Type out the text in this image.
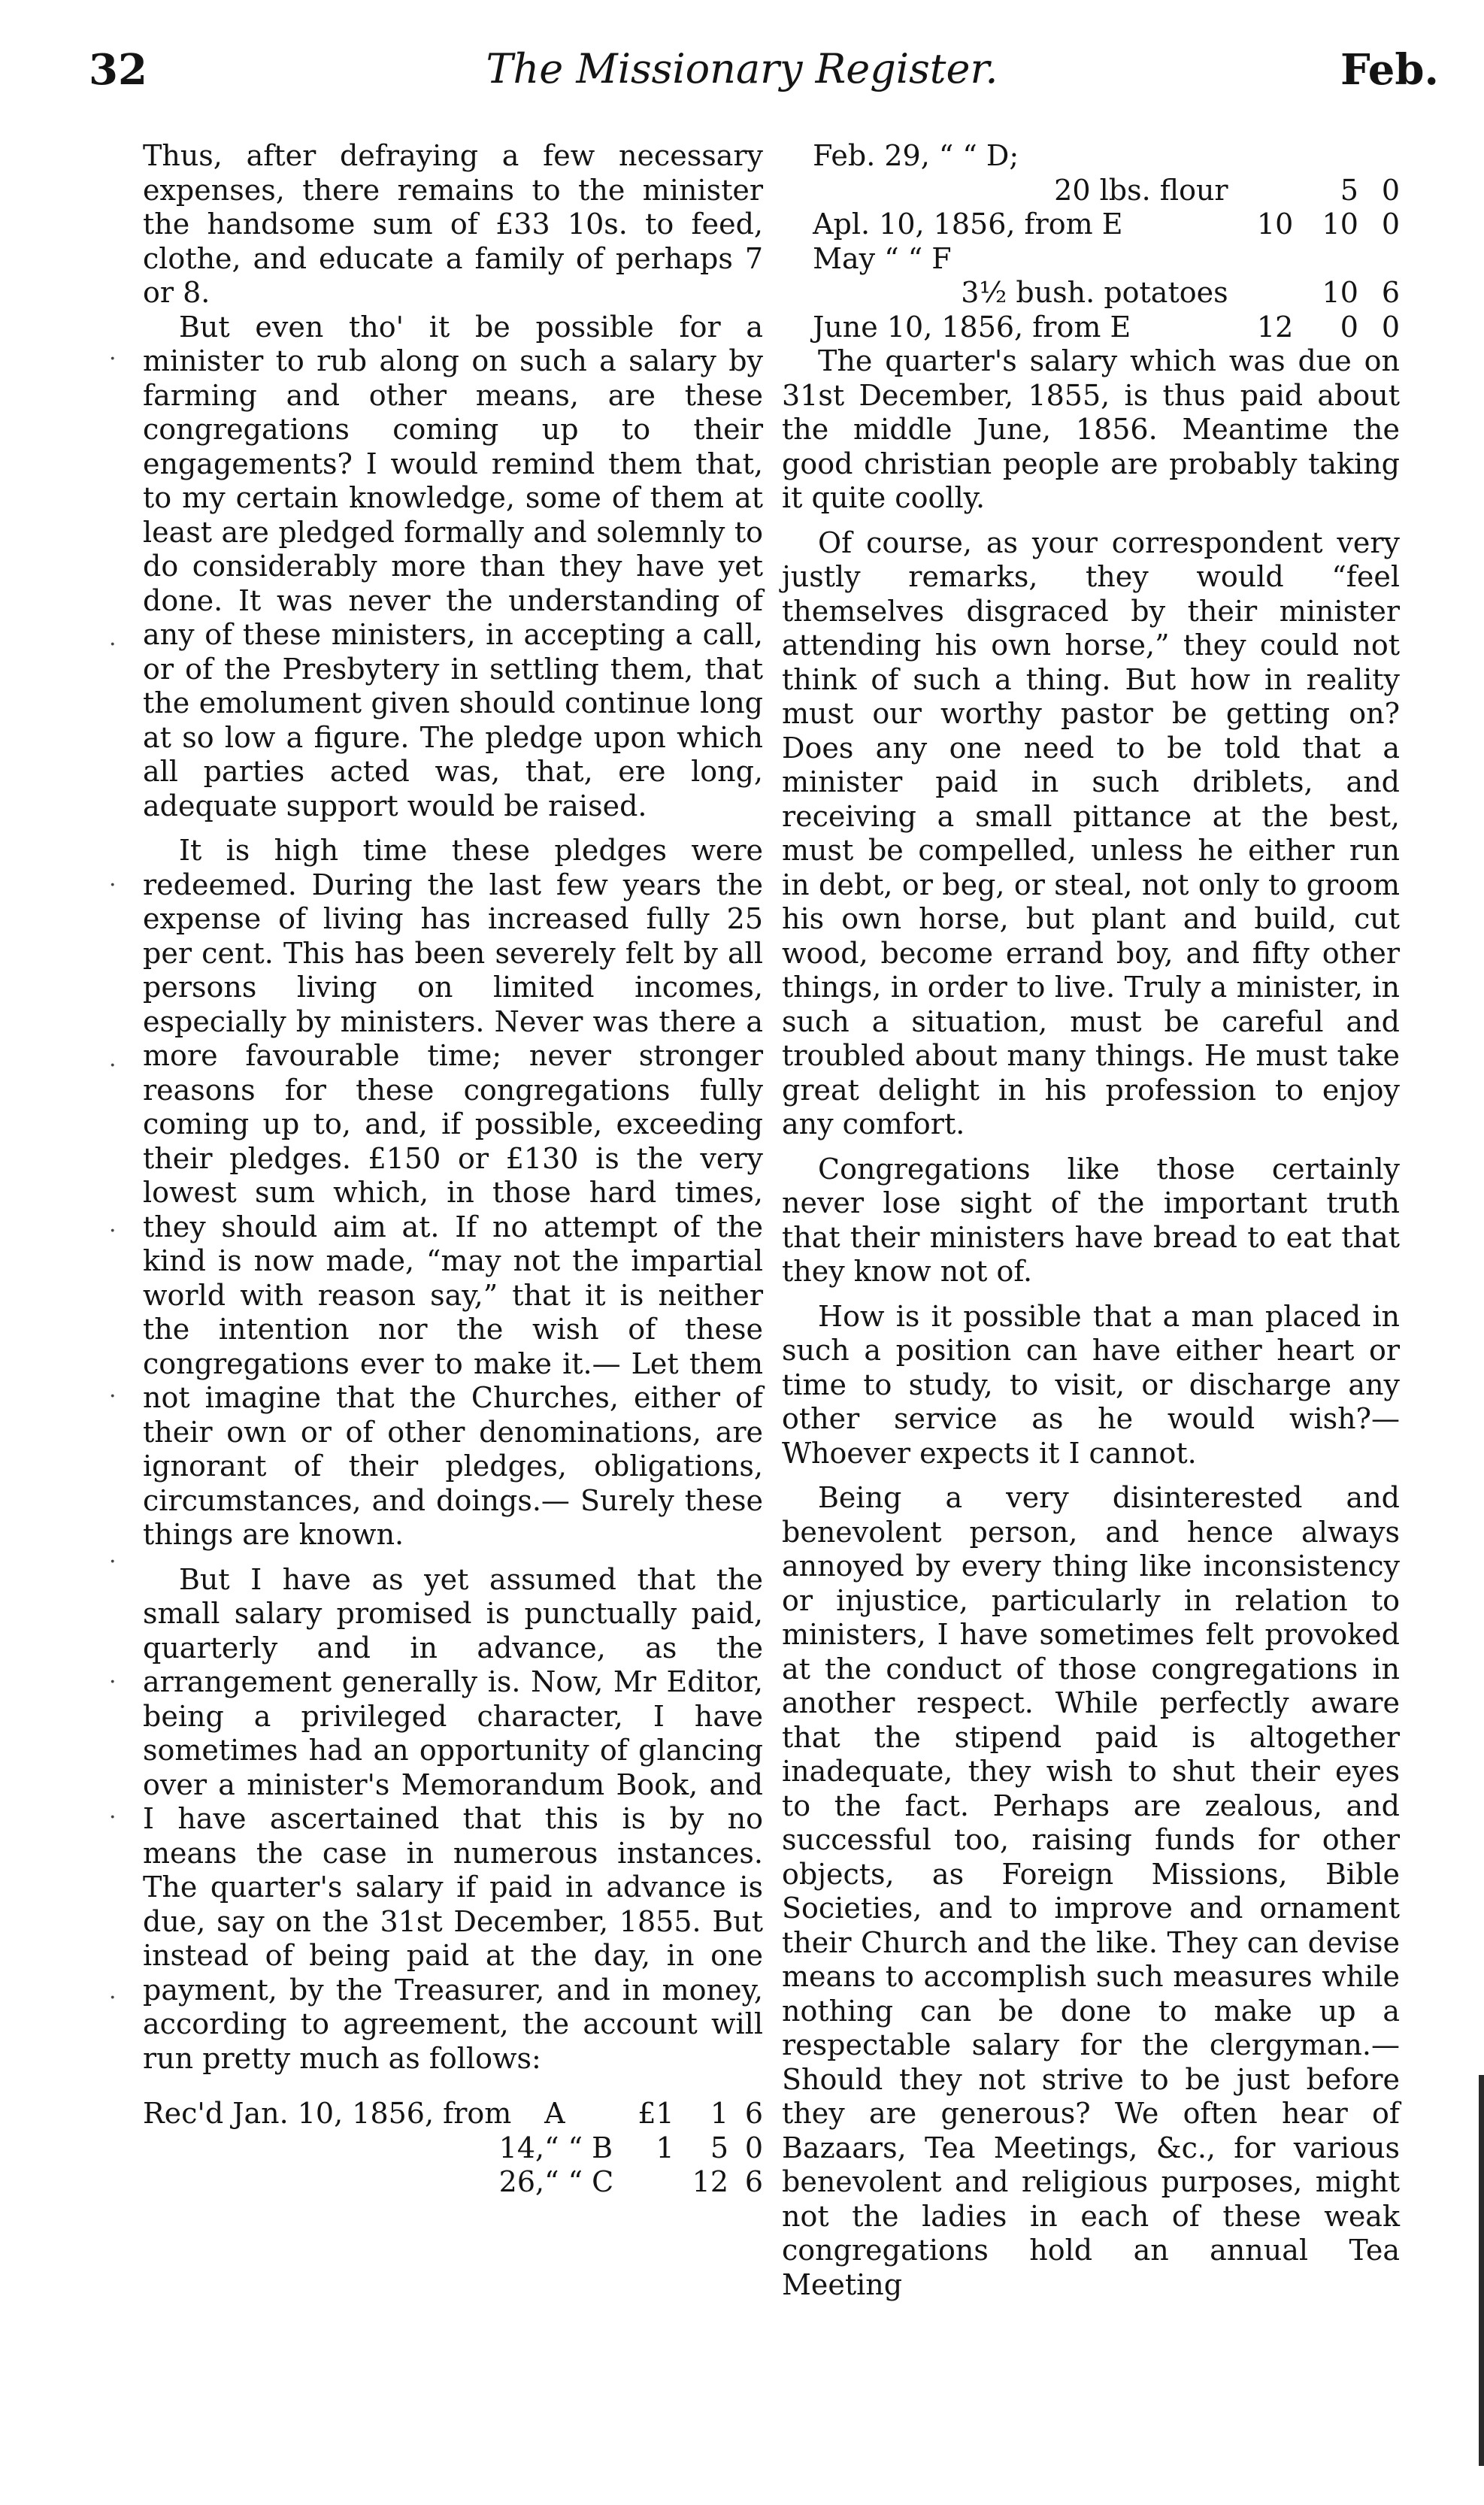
The Missionary Register.
32	Feb.
·
·
·
·
·
·
·
·
·
·

Thus, after defraying a few necessary expenses, there remains to the minister the handsome sum of £33 10s. to feed, clothe, and educate a family of perhaps 7 or 8.

But even tho' it be possible for a minister to rub along on such a salary by farming and other means, are these congregations coming up to their engagements? I would remind them that, to my certain knowledge, some of them at least are pledged formally and solemnly to do considerably more than they have yet done. It was never the understanding of any of these ministers, in accepting a call, or of the Presbytery in settling them, that the emolument given should continue long at so low a figure. The pledge upon which all parties acted was, that, ere long, adequate support would be raised.

It is high time these pledges were redeemed. During the last few years the expense of living has increased fully 25 per cent. This has been severely felt by all persons living on limited incomes, especially by ministers. Never was there a more favourable time; never stronger reasons for these congregations fully coming up to, and, if possible, exceeding their pledges. £150 or £130 is the very lowest sum which, in those hard times, they should aim at. If no attempt of the kind is now made, “may not the impartial world with reason say,” that it is neither the intention nor the wish of these congregations ever to make it.— Let them not imagine that the Churches, either of their own or of other denominations, are ignorant of their pledges, obligations, circumstances, and doings.— Surely these things are known.

But I have as yet assumed that the small salary promised is punctually paid, quarterly and in advance, as the arrangement generally is. Now, Mr Editor, being a privileged character, I have sometimes had an opportunity of glancing over a minister's Memorandum Book, and I have ascertained that this is by no means the case in numerous instances. The quarter's salary if paid in advance is due, say on the 31st December, 1855. But instead of being paid at the day, in one payment, by the Treasurer, and in money, according to agreement, the account will run pretty much as follows:

Rec'd Jan. 10, 1856, from	A	£1	1	6
14,	“ “ B	1	5	0
26,	“ “ C		12	6
	Feb. 29, “ “ D;			
	20 lbs. flour		5	0
	Apl. 10, 1856, from E	10	10	0
	May “ “ F			
	3½ bush. potatoes		10	6
	June 10, 1856, from E	12	0	0

The quarter's salary which was due on 31st December, 1855, is thus paid about the middle June, 1856. Meantime the good christian people are probably taking it quite coolly.

Of course, as your correspondent very justly remarks, they would “feel themselves disgraced by their minister attending his own horse,” they could not think of such a thing. But how in reality must our worthy pastor be getting on? Does any one need to be told that a minister paid in such driblets, and receiving a small pittance at the best, must be compelled, unless he either run in debt, or beg, or steal, not only to groom his own horse, but plant and build, cut wood, become errand boy, and fifty other things, in order to live. Truly a minister, in such a situation, must be careful and troubled about many things. He must take great delight in his profession to enjoy any comfort.

Congregations like those certainly never lose sight of the important truth that their ministers have bread to eat that they know not of.

How is it possible that a man placed in such a position can have either heart or time to study, to visit, or discharge any other service as he would wish?— Whoever expects it I cannot.

Being a very disinterested and benevolent person, and hence always annoyed by every thing like inconsistency or injustice, particularly in relation to ministers, I have sometimes felt provoked at the conduct of those congregations in another respect. While perfectly aware that the stipend paid is altogether inadequate, they wish to shut their eyes to the fact. Perhaps are zealous, and successful too, raising funds for other objects, as Foreign Missions, Bible Societies, and to improve and ornament their Church and the like. They can devise means to accomplish such measures while nothing can be done to make up a respectable salary for the clergyman.— Should they not strive to be just before they are generous? We often hear of Bazaars, Tea Meetings, &c., for various benevolent and religious purposes, might not the ladies in each of these weak congregations hold an annual Tea Meeting
